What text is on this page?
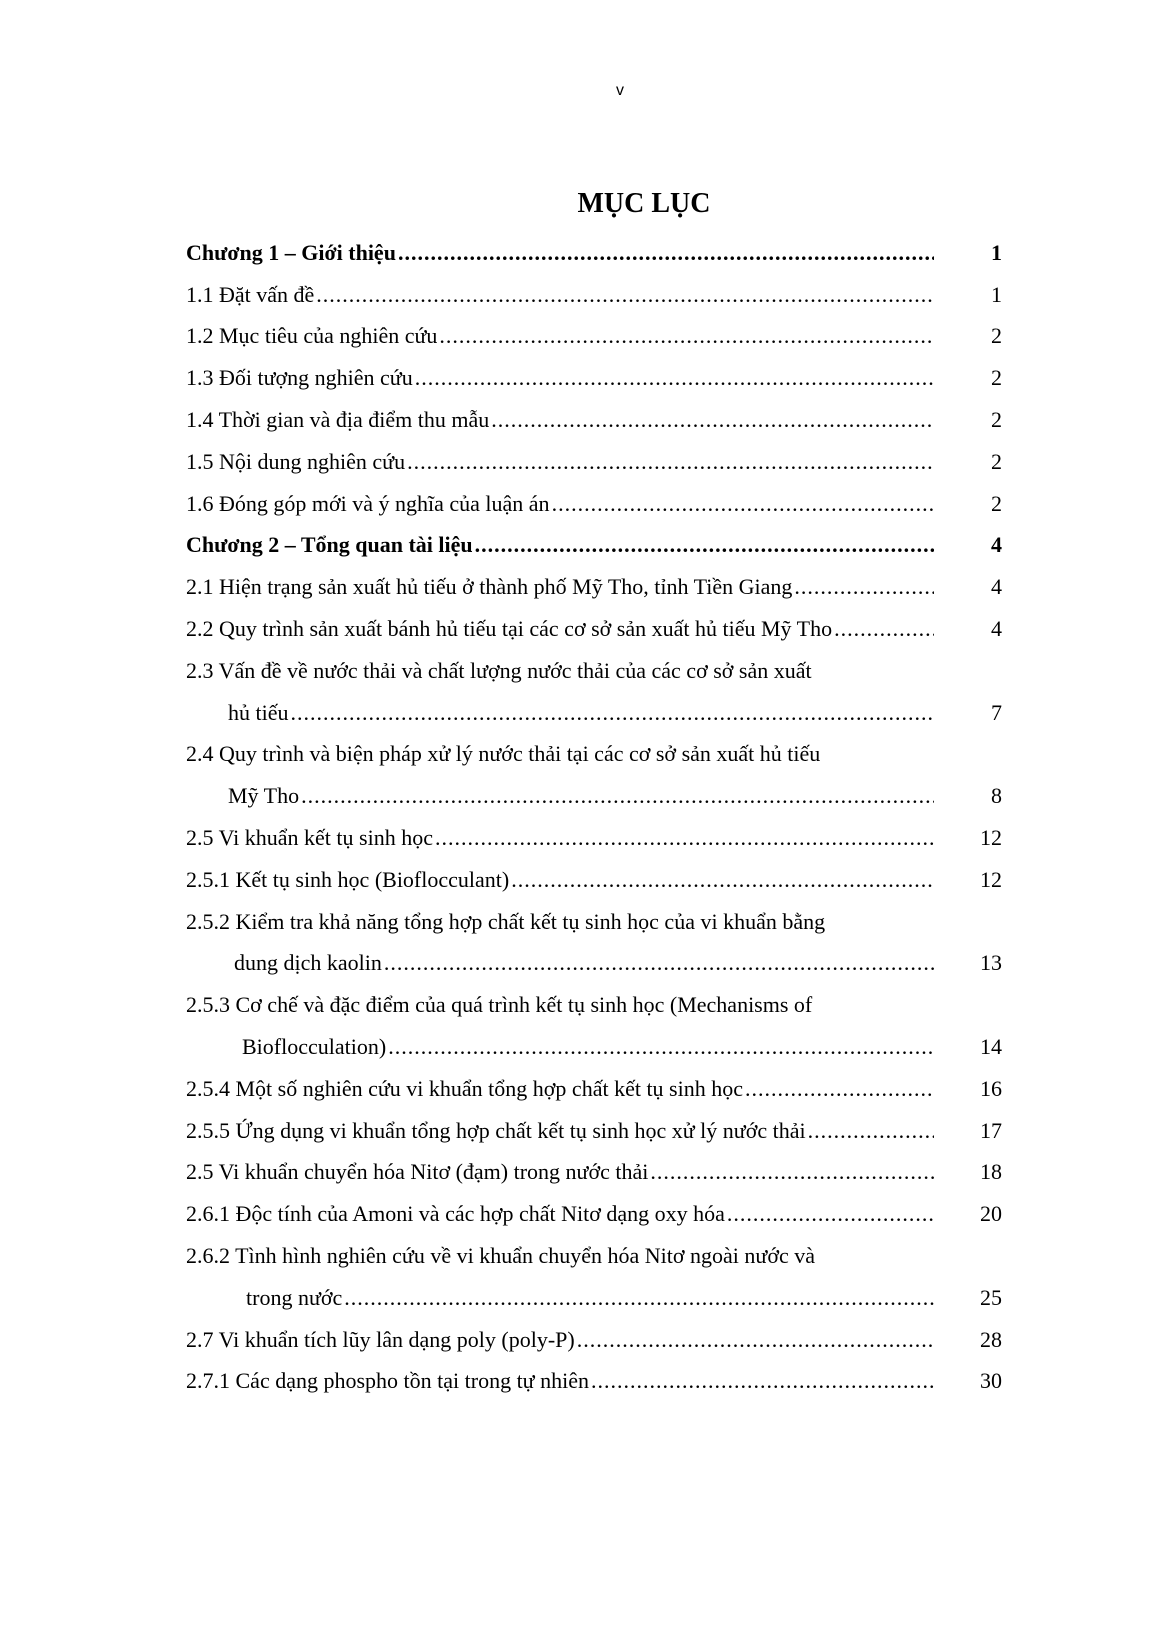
v
MỤC LỤC
Chương 1 – Giới thiệu .....	1
1.1 Đặt vấn đề .....	1
1.2 Mục tiêu của nghiên cứu .....	2
1.3 Đối tượng nghiên cứu .....	2
1.4 Thời gian và địa điểm thu mẫu .....	2
1.5 Nội dung nghiên cứu .....	2
1.6 Đóng góp mới và ý nghĩa của luận án .....	2
Chương 2 – Tổng quan tài liệu .....	4
2.1 Hiện trạng sản xuất hủ tiếu ở thành phố Mỹ Tho, tỉnh Tiền Giang .....	4
2.2 Quy trình sản xuất bánh hủ tiếu tại các cơ sở sản xuất hủ tiếu Mỹ Tho .....	4
2.3 Vấn đề về nước thải và chất lượng nước thải của các cơ sở sản xuất
hủ tiếu .....	7
2.4 Quy trình và biện pháp xử lý nước thải tại các cơ sở sản xuất hủ tiếu
Mỹ Tho .....	8
2.5 Vi khuẩn kết tụ sinh học .....	12
2.5.1 Kết tụ sinh học (Bioflocculant) .....	12
2.5.2 Kiểm tra khả năng tổng hợp chất kết tụ sinh học của vi khuẩn bằng
dung dịch kaolin .....	13
2.5.3 Cơ chế và đặc điểm của quá trình kết tụ sinh học (Mechanisms of
Bioflocculation) .....	14
2.5.4 Một số nghiên cứu vi khuẩn tổng hợp chất kết tụ sinh học .....	16
2.5.5 Ứng dụng vi khuẩn tổng hợp chất kết tụ sinh học xử lý nước thải .....	17
2.5 Vi khuẩn chuyển hóa Nitơ (đạm) trong nước thải .....	18
2.6.1 Độc tính của Amoni và các hợp chất Nitơ dạng oxy hóa .....	20
2.6.2 Tình hình nghiên cứu về vi khuẩn chuyển hóa Nitơ ngoài nước và
trong nước .....	25
2.7 Vi khuẩn tích lũy lân dạng poly (poly-P) .....	28
2.7.1 Các dạng phospho tồn tại trong tự nhiên .....	30
